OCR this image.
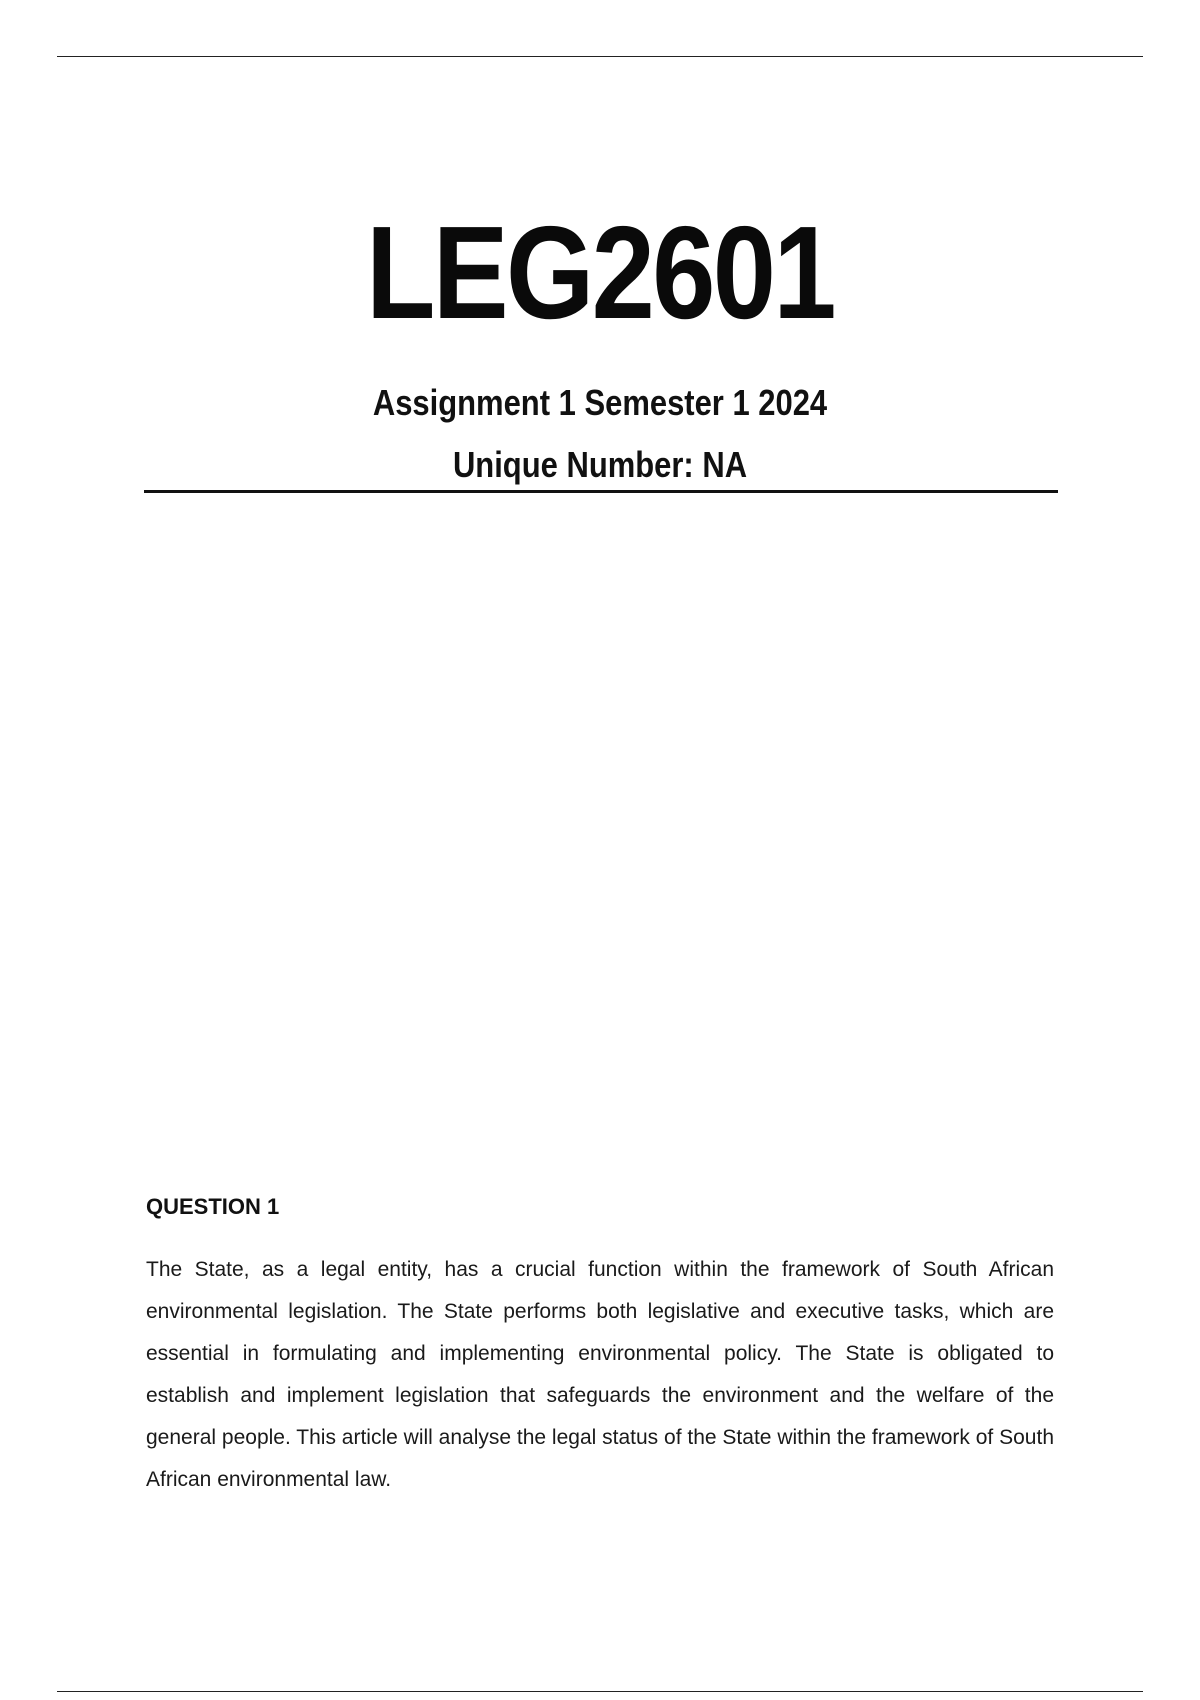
LEG2601
Assignment 1 Semester 1 2024
Unique Number: NA
QUESTION 1
The State, as a legal entity, has a crucial function within the framework of South African environmental legislation. The State performs both legislative and executive tasks, which are essential in formulating and implementing environmental policy. The State is obligated to establish and implement legislation that safeguards the environment and the welfare of the general people. This article will analyse the legal status of the State within the framework of South African environmental law.
